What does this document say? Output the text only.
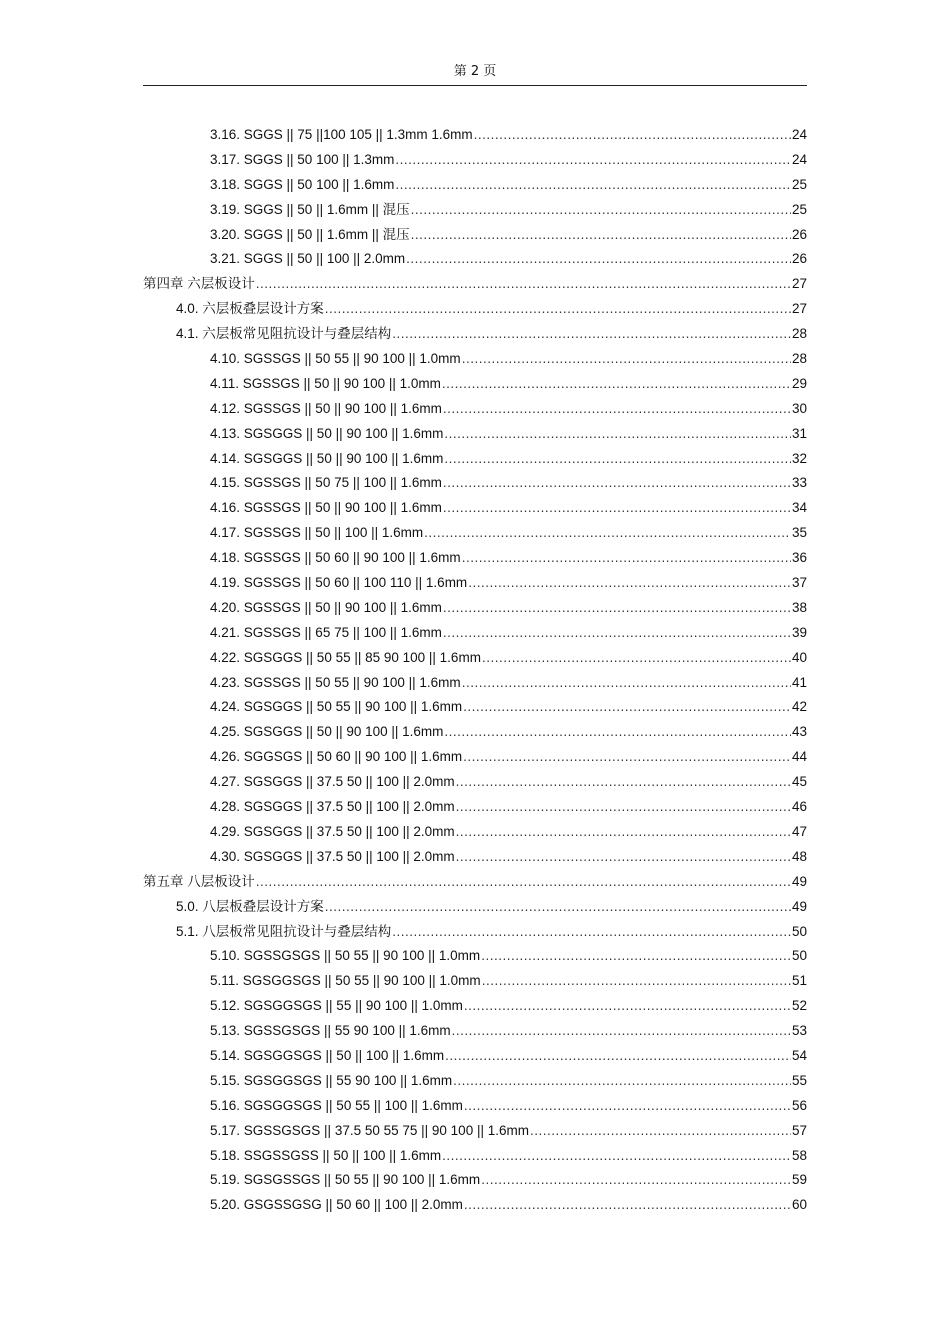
第 2 页
3.16. SGGS || 75 ||100 105 || 1.3mm 1.6mm .....	24
3.17. SGGS || 50 100 || 1.3mm .....	24
3.18. SGGS || 50 100 || 1.6mm .....	25
3.19. SGGS || 50 || 1.6mm || 混压 .....	25
3.20. SGGS || 50 || 1.6mm || 混压 .....	26
3.21. SGGS || 50 || 100 || 2.0mm .....	26
第四章 六层板设计 .....	27
4.0. 六层板叠层设计方案 .....	27
4.1. 六层板常见阻抗设计与叠层结构 .....	28
4.10. SGSSGS || 50 55 || 90 100 || 1.0mm .....	28
4.11. SGSSGS || 50 || 90 100 || 1.0mm .....	29
4.12. SGSSGS || 50 || 90 100 || 1.6mm .....	30
4.13. SGSGGS || 50 || 90 100 || 1.6mm .....	31
4.14. SGSGGS || 50 || 90 100 || 1.6mm .....	32
4.15. SGSSGS || 50 75 || 100 || 1.6mm .....	33
4.16. SGSSGS || 50 || 90 100 || 1.6mm .....	34
4.17. SGSSGS || 50 || 100 || 1.6mm .....	35
4.18. SGSSGS || 50 60 || 90 100 || 1.6mm .....	36
4.19. SGSSGS || 50 60 || 100 110 || 1.6mm .....	37
4.20. SGSSGS || 50 || 90 100 || 1.6mm .....	38
4.21. SGSSGS || 65 75 || 100 || 1.6mm .....	39
4.22. SGSGGS || 50 55 || 85 90 100 || 1.6mm .....	40
4.23. SGSSGS || 50 55 || 90 100 || 1.6mm .....	41
4.24. SGSGGS || 50 55 || 90 100 || 1.6mm .....	42
4.25. SGSGGS || 50 || 90 100 || 1.6mm .....	43
4.26. SGGSGS || 50 60 || 90 100 || 1.6mm .....	44
4.27. SGSGGS || 37.5 50 || 100 || 2.0mm .....	45
4.28. SGSGGS || 37.5 50 || 100 || 2.0mm .....	46
4.29. SGSGGS || 37.5 50 || 100 || 2.0mm .....	47
4.30. SGSGGS || 37.5 50 || 100 || 2.0mm .....	48
第五章 八层板设计 .....	49
5.0. 八层板叠层设计方案 .....	49
5.1. 八层板常见阻抗设计与叠层结构 .....	50
5.10. SGSSGSGS || 50 55 || 90 100 || 1.0mm .....	50
5.11. SGSGGSGS || 50 55 || 90 100 || 1.0mm .....	51
5.12. SGSGGSGS || 55 || 90 100 || 1.0mm .....	52
5.13. SGSSGSGS || 55 90 100 || 1.6mm .....	53
5.14. SGSGGSGS || 50 || 100 || 1.6mm .....	54
5.15. SGSGGSGS || 55 90 100 || 1.6mm .....	55
5.16. SGSGGSGS || 50 55 || 100 || 1.6mm .....	56
5.17. SGSSGSGS || 37.5 50 55 75 || 90 100 || 1.6mm .....	57
5.18. SSGSSGSS || 50 || 100 || 1.6mm .....	58
5.19. SGSGSSGS || 50 55 || 90 100 || 1.6mm .....	59
5.20. GSGSSGSG || 50 60 || 100 || 2.0mm .....	60
